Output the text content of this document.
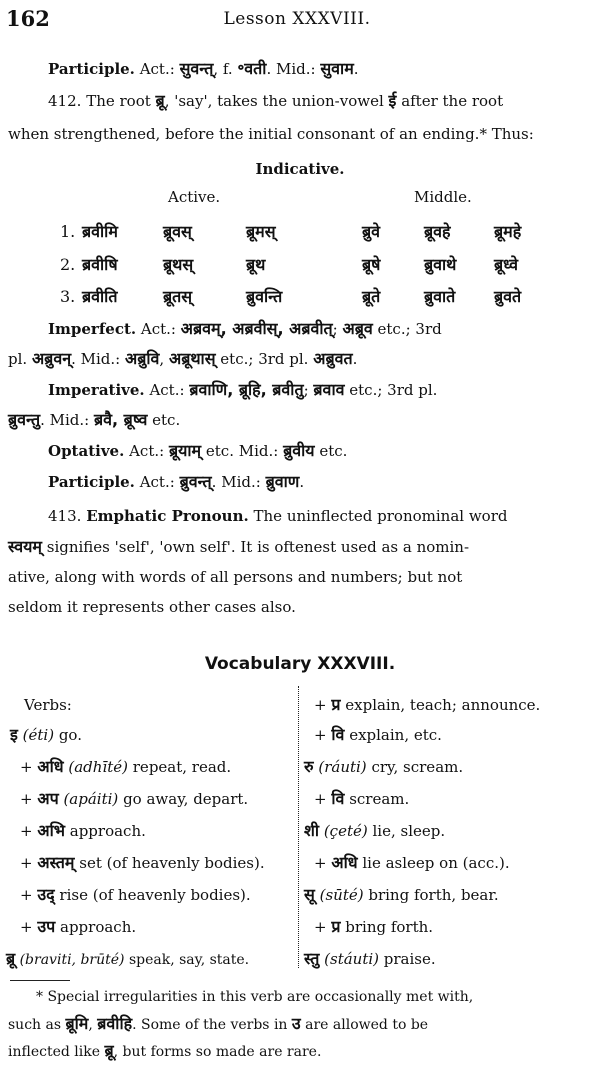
162	Lesson XXXVIII.
Participle. Act.: सुवन्त्, f. ॰वती. Mid.: सुवाम.
412. The root ब्रू, 'say', takes the union-vowel ई after the root
when strengthened, before the initial consonant of an ending.* Thus:
Indicative.
Active.	Middle.
1. ब्रवीमि	ब्रूवस्	ब्रूमस्	ब्रुवे	ब्रूवहे	ब्रूमहे
2. ब्रवीषि	ब्रूथस्	ब्रूथ	ब्रूषे	ब्रुवाथे ब्रूध्वे
3. ब्रवीति	ब्रूतस्	ब्रुवन्ति	ब्रूते	ब्रुवाते ब्रुवते
Imperfect. Act.: अब्रवम्, अब्रवीस्, अब्रवीत्; अब्रूव etc.; 3rd
pl. अब्रुवन्. Mid.: अब्रुवि, अब्रूथास् etc.; 3rd pl. अब्रुवत.
Imperative. Act.: ब्रवाणि, ब्रूहि, ब्रवीतु; ब्रवाव etc.; 3rd pl.
ब्रुवन्तु. Mid.: ब्रवै, ब्रूष्व etc.
Optative. Act.: ब्रूयाम् etc. Mid.: ब्रुवीय etc.
Participle. Act.: ब्रुवन्त्. Mid.: ब्रुवाण.
413. Emphatic Pronoun. The uninflected pronominal word
स्वयम् signifies 'self', 'own self'. It is oftenest used as a nomin-
ative, along with words of all persons and numbers; but not
seldom it represents other cases also.
Vocabulary XXXVIII.
Verbs:
इ (éti) go.
+ अधि (adhīté) repeat, read.
+ अप (apáiti) go away, depart.
+ अभि approach.
+ अस्तम् set (of heavenly bodies).
+ उद् rise (of heavenly bodies).
+ उप approach.
ब्रू (braviti, brūté) speak, say, state.
+ प्र explain, teach; announce.
+ वि explain, etc.
रु (ráuti) cry, scream.
+ वि scream.
शी (çeté) lie, sleep.
+ अधि lie asleep on (acc.).
सू (sūté) bring forth, bear.
+ प्र bring forth.
स्तु (stáuti) praise.
* Special irregularities in this verb are occasionally met with,
such as ब्रूमि, ब्रवीहि. Some of the verbs in उ are allowed to be
inflected like ब्रू, but forms so made are rare.
